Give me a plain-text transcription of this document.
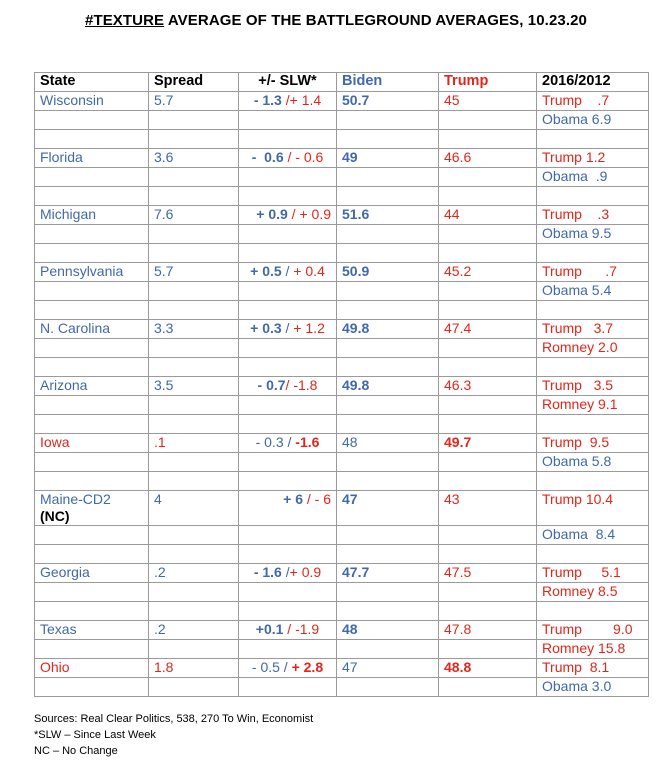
#TEXTURE AVERAGE OF THE BATTLEGROUND AVERAGES, 10.23.20
State	Spread	+/- SLW*	Biden	Trump	2016/2012
Wisconsin	5.7	- 1.3 /+ 1.4	50.7	45	Trump    .7
					Obama 6.9

Florida	3.6	-  0.6 / - 0.6	49	46.6	Trump 1.2
					Obama  .9

Michigan	7.6	+ 0.9 / + 0.9	51.6	44	Trump    .3
					Obama 9.5

Pennsylvania	5.7	+ 0.5 / + 0.4	50.9	45.2	Trump      .7
					Obama 5.4

N. Carolina	3.3	+ 0.3 / + 1.2	49.8	47.4	Trump   3.7
					Romney 2.0

Arizona	3.5	- 0.7/ -1.8	49.8	46.3	Trump   3.5
					Romney 9.1

Iowa	.1	- 0.3 / -1.6	48	49.7	Trump  9.5
					Obama 5.8

Maine-CD2
(NC)	4	+ 6 / - 6	47	43	Trump 10.4
					Obama  8.4

Georgia	.2	- 1.6 /+ 0.9	47.7	47.5	Trump     5.1
					Romney 8.5

Texas	.2	+0.1 / -1.9	48	47.8	Trump        9.0
					Romney 15.8
Ohio	1.8	- 0.5 / + 2.8	47	48.8	Trump  8.1
					Obama 3.0
Sources: Real Clear Politics, 538, 270 To Win, Economist
*SLW – Since Last Week
NC – No Change
